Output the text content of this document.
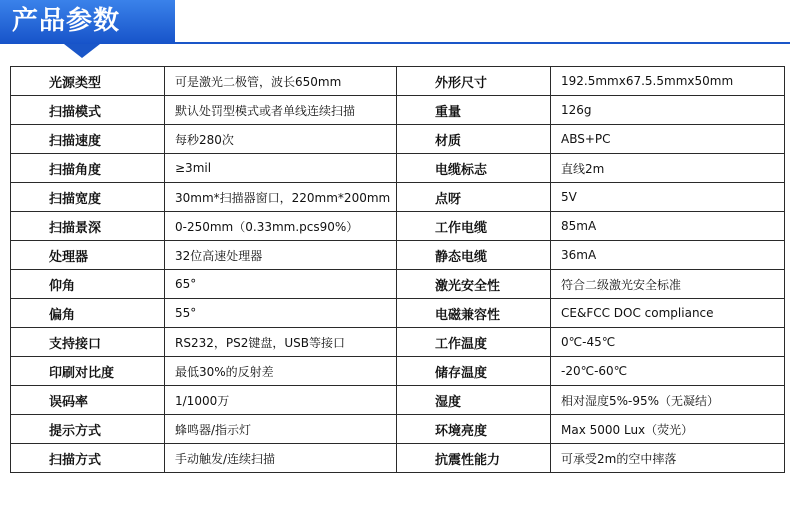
产品参数
光源类型	可是激光二极管，波长650mm	外形尺寸	192.5mmx67.5.5mmx50mm
扫描模式	默认处罚型模式或者单线连续扫描	重量	126g
扫描速度	每秒280次	材质	ABS+PC
扫描角度	≥3mil	电缆标志	直线2m
扫描宽度	30mm*扫描器窗口，220mm*200mm	点呀	5V
扫描景深	0-250mm（0.33mm.pcs90%）	工作电缆	85mA
处理器	32位高速处理器	静态电缆	36mA
仰角	65°	激光安全性	符合二级激光安全标准
偏角	55°	电磁兼容性	CE&FCC DOC compliance
支持接口	RS232，PS2键盘，USB等接口	工作温度	0℃-45℃
印刷对比度	最低30%的反射差	储存温度	-20℃-60℃
误码率	1/1000万	湿度	相对湿度5%-95%（无凝结）
提示方式	蜂鸣器/指示灯	环境亮度	Max 5000 Lux（荧光）
扫描方式	手动触发/连续扫描	抗震性能力	可承受2m的空中摔落
